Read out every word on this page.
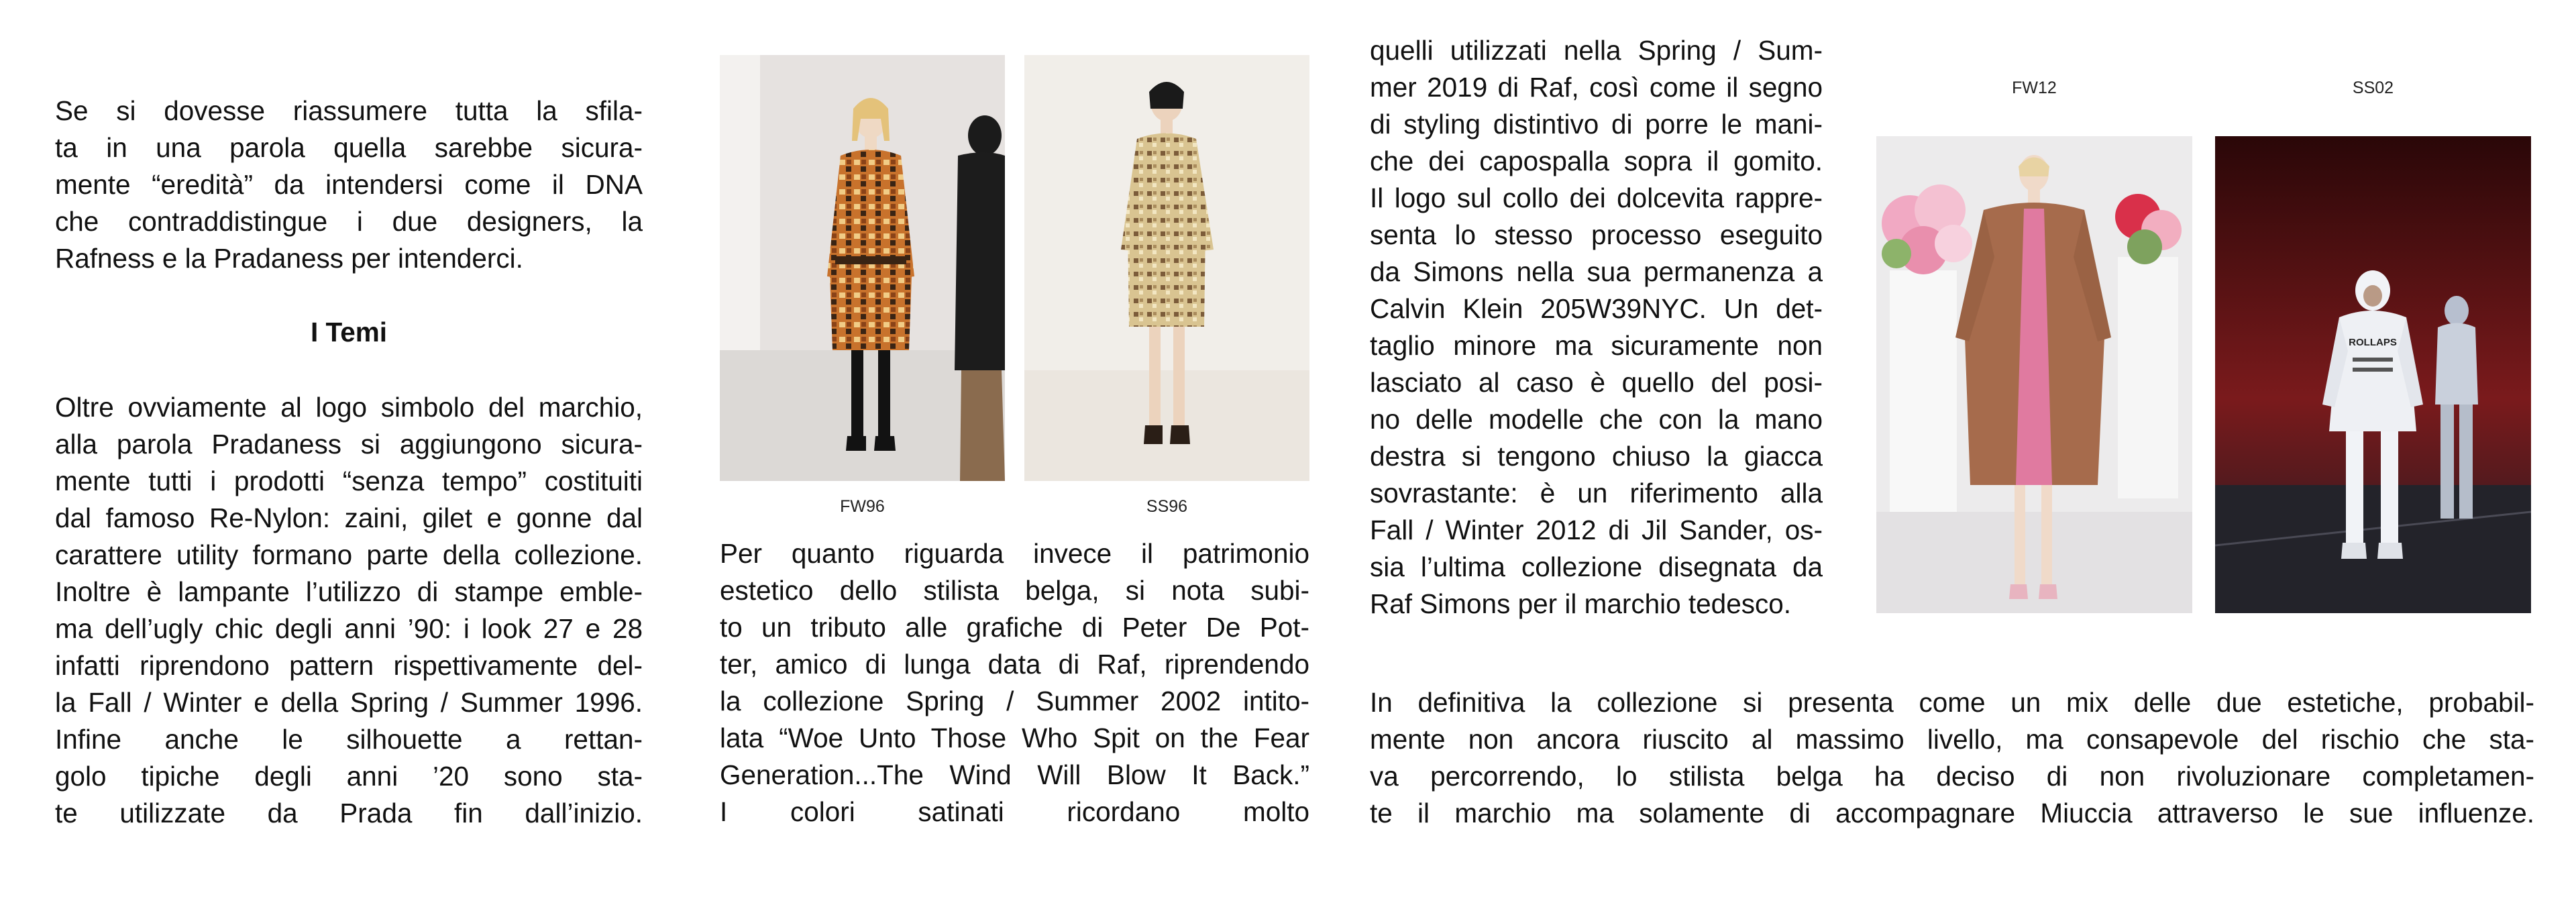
Se si dovesse riassumere tutta la sfila-

ta in una parola quella sarebbe sicura-

mente “eredità” da intendersi come il DNA

che contraddistingue i due designers, la

Rafness e la Pradaness per intenderci.

I Temi

Oltre ovviamente al logo simbolo del marchio,

alla parola Pradaness si aggiungono sicura-

mente tutti i prodotti “senza tempo” costituiti

dal famoso Re-Nylon: zaini, gilet e gonne dal

carattere utility formano parte della collezione.

Inoltre è lampante l’utilizzo di stampe emble-

ma dell’ugly chic degli anni ’90: i look 27 e 28

infatti riprendono pattern rispettivamente del-

la Fall / Winter e della Spring / Summer 1996.

Infine anche le silhouette a rettan-

golo tipiche degli anni ’20 sono sta-

te utilizzate da Prada fin dall’inizio.

FW96	SS96

Per quanto riguarda invece il patrimonio

estetico dello stilista belga, si nota subi-

to un tributo alle grafiche di Peter De Pot-

ter, amico di lunga data di Raf, riprendendo

la collezione Spring / Summer 2002 intito-

lata “Woe Unto Those Who Spit on the Fear

Generation...The Wind Will Blow It Back.”

I colori satinati ricordano molto

quelli utilizzati nella Spring / Sum-

mer 2019 di Raf, così come il segno

di styling distintivo di porre le mani-

che dei capospalla sopra il gomito.

Il logo sul collo dei dolcevita rappre-

senta lo stesso processo eseguito

da Simons nella sua permanenza a

Calvin Klein 205W39NYC. Un det-

taglio minore ma sicuramente non

lasciato al caso è quello del posi-

no delle modelle che con la mano

destra si tengono chiuso la giacca

sovrastante: è un riferimento alla

Fall / Winter 2012 di Jil Sander, os-

sia l’ultima collezione disegnata da

Raf Simons per il marchio tedesco.

FW12	SS02
ROLLAPS

In definitiva la collezione si presenta come un mix delle due estetiche, probabil-

mente non ancora riuscito al massimo livello, ma consapevole del rischio che sta-

va percorrendo, lo stilista belga ha deciso di non rivoluzionare completamen-

te il marchio ma solamente di accompagnare Miuccia attraverso le sue influenze.
